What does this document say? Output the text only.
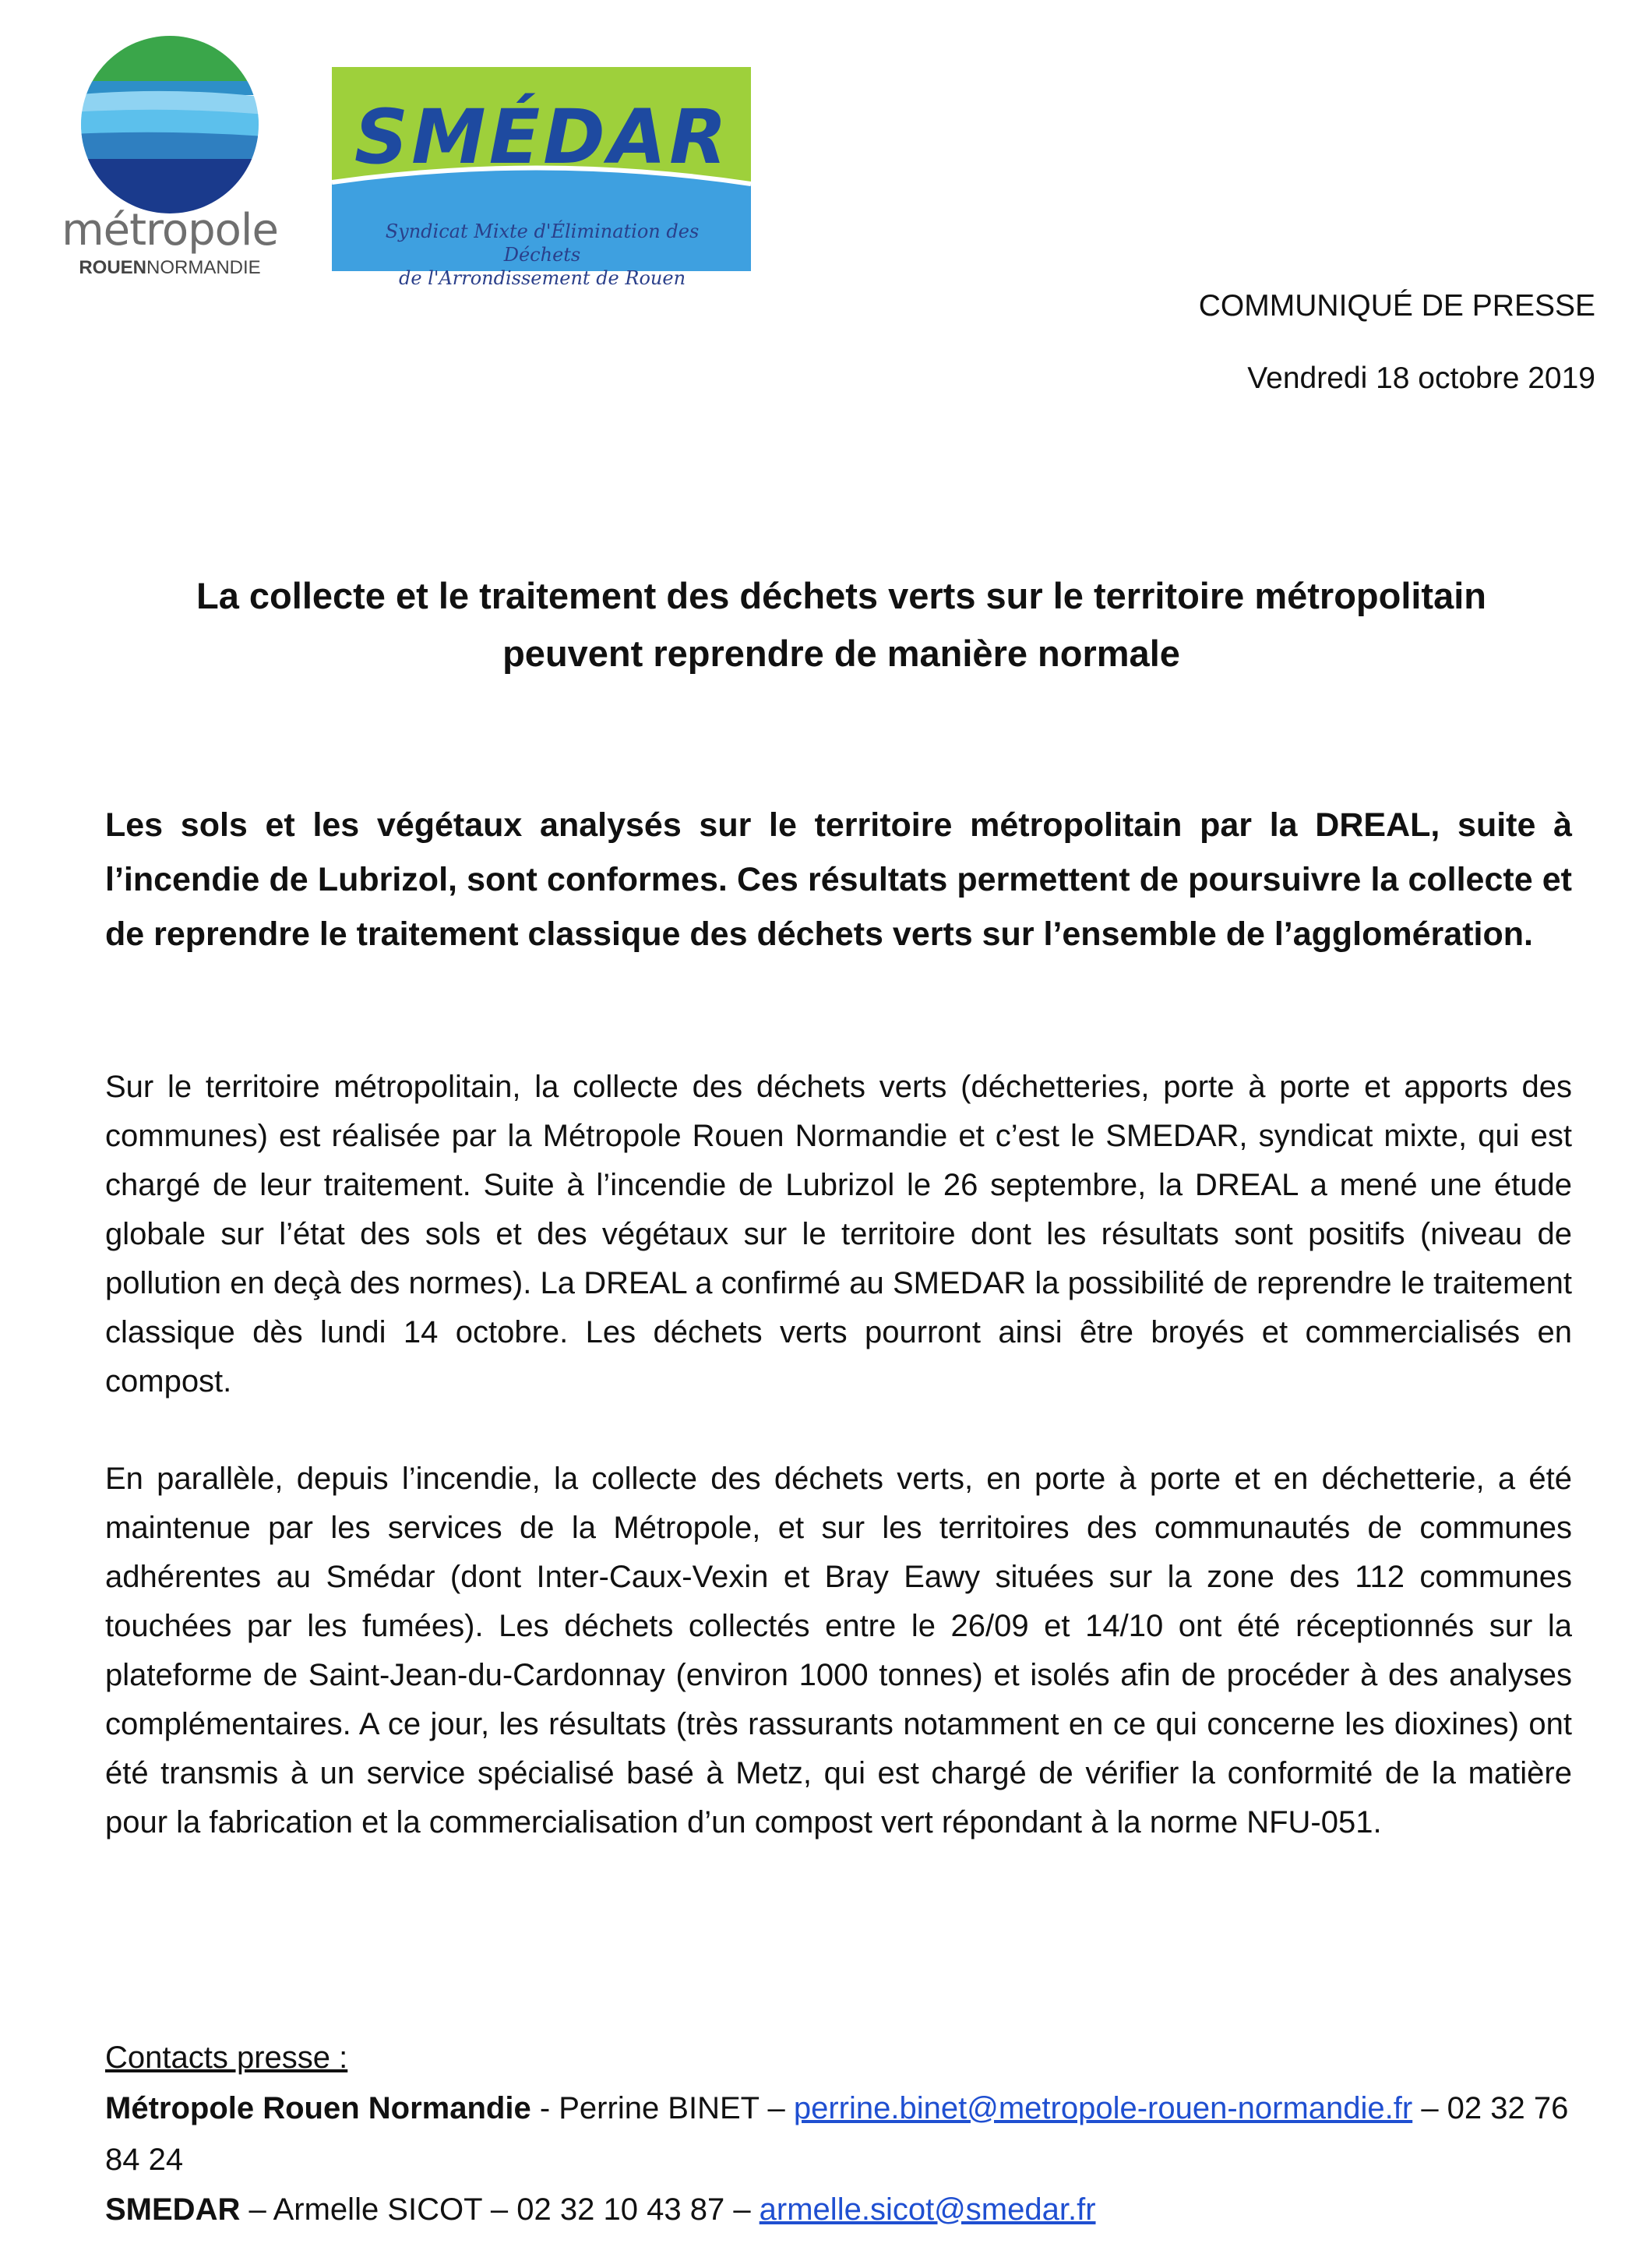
métropole
ROUENNORMANDIE
SMÉDAR
Syndicat Mixte d'Élimination des Déchets
de l'Arrondissement de Rouen
COMMUNIQUÉ DE PRESSE
Vendredi 18 octobre 2019
La collecte et le traitement des déchets verts sur le territoire métropolitain
peuvent reprendre de manière normale
Les sols et les végétaux analysés sur le territoire métropolitain par la DREAL, suite à l’incendie de Lubrizol, sont conformes. Ces résultats permettent de poursuivre la collecte et de reprendre le traitement classique des déchets verts sur l’ensemble de l’agglomération.
Sur le territoire métropolitain, la collecte des déchets verts (déchetteries, porte à porte et apports des communes) est réalisée par la Métropole Rouen Normandie et c’est le SMEDAR, syndicat mixte, qui est chargé de leur traitement. Suite à l’incendie de Lubrizol le 26 septembre, la DREAL a mené une étude globale sur l’état des sols et des végétaux sur le territoire dont les résultats sont positifs (niveau de pollution en deçà des normes). La DREAL a confirmé au SMEDAR la possibilité de reprendre le traitement classique dès lundi 14 octobre. Les déchets verts pourront ainsi être broyés et commercialisés en compost.
En parallèle, depuis l’incendie, la collecte des déchets verts, en porte à porte et en déchetterie, a été maintenue par les services de la Métropole, et sur les territoires des communautés de communes adhérentes au Smédar (dont Inter-Caux-Vexin et Bray Eawy situées sur la zone des 112 communes touchées par les fumées). Les déchets collectés entre le 26/09 et 14/10 ont été réceptionnés sur la plateforme de Saint-Jean-du-Cardonnay (environ 1000 tonnes) et isolés afin de procéder à des analyses complémentaires. A ce jour, les résultats (très rassurants notamment en ce qui concerne les dioxines) ont été transmis à un service spécialisé basé à Metz, qui est chargé de vérifier la conformité de la matière pour la fabrication et la commercialisation d’un compost vert répondant à la norme NFU-051.
Contacts presse :
Métropole Rouen Normandie - Perrine BINET – perrine.binet@metropole-rouen-normandie.fr – 02 32 76 84 24
SMEDAR – Armelle SICOT – 02 32 10 43 87 – armelle.sicot@smedar.fr
